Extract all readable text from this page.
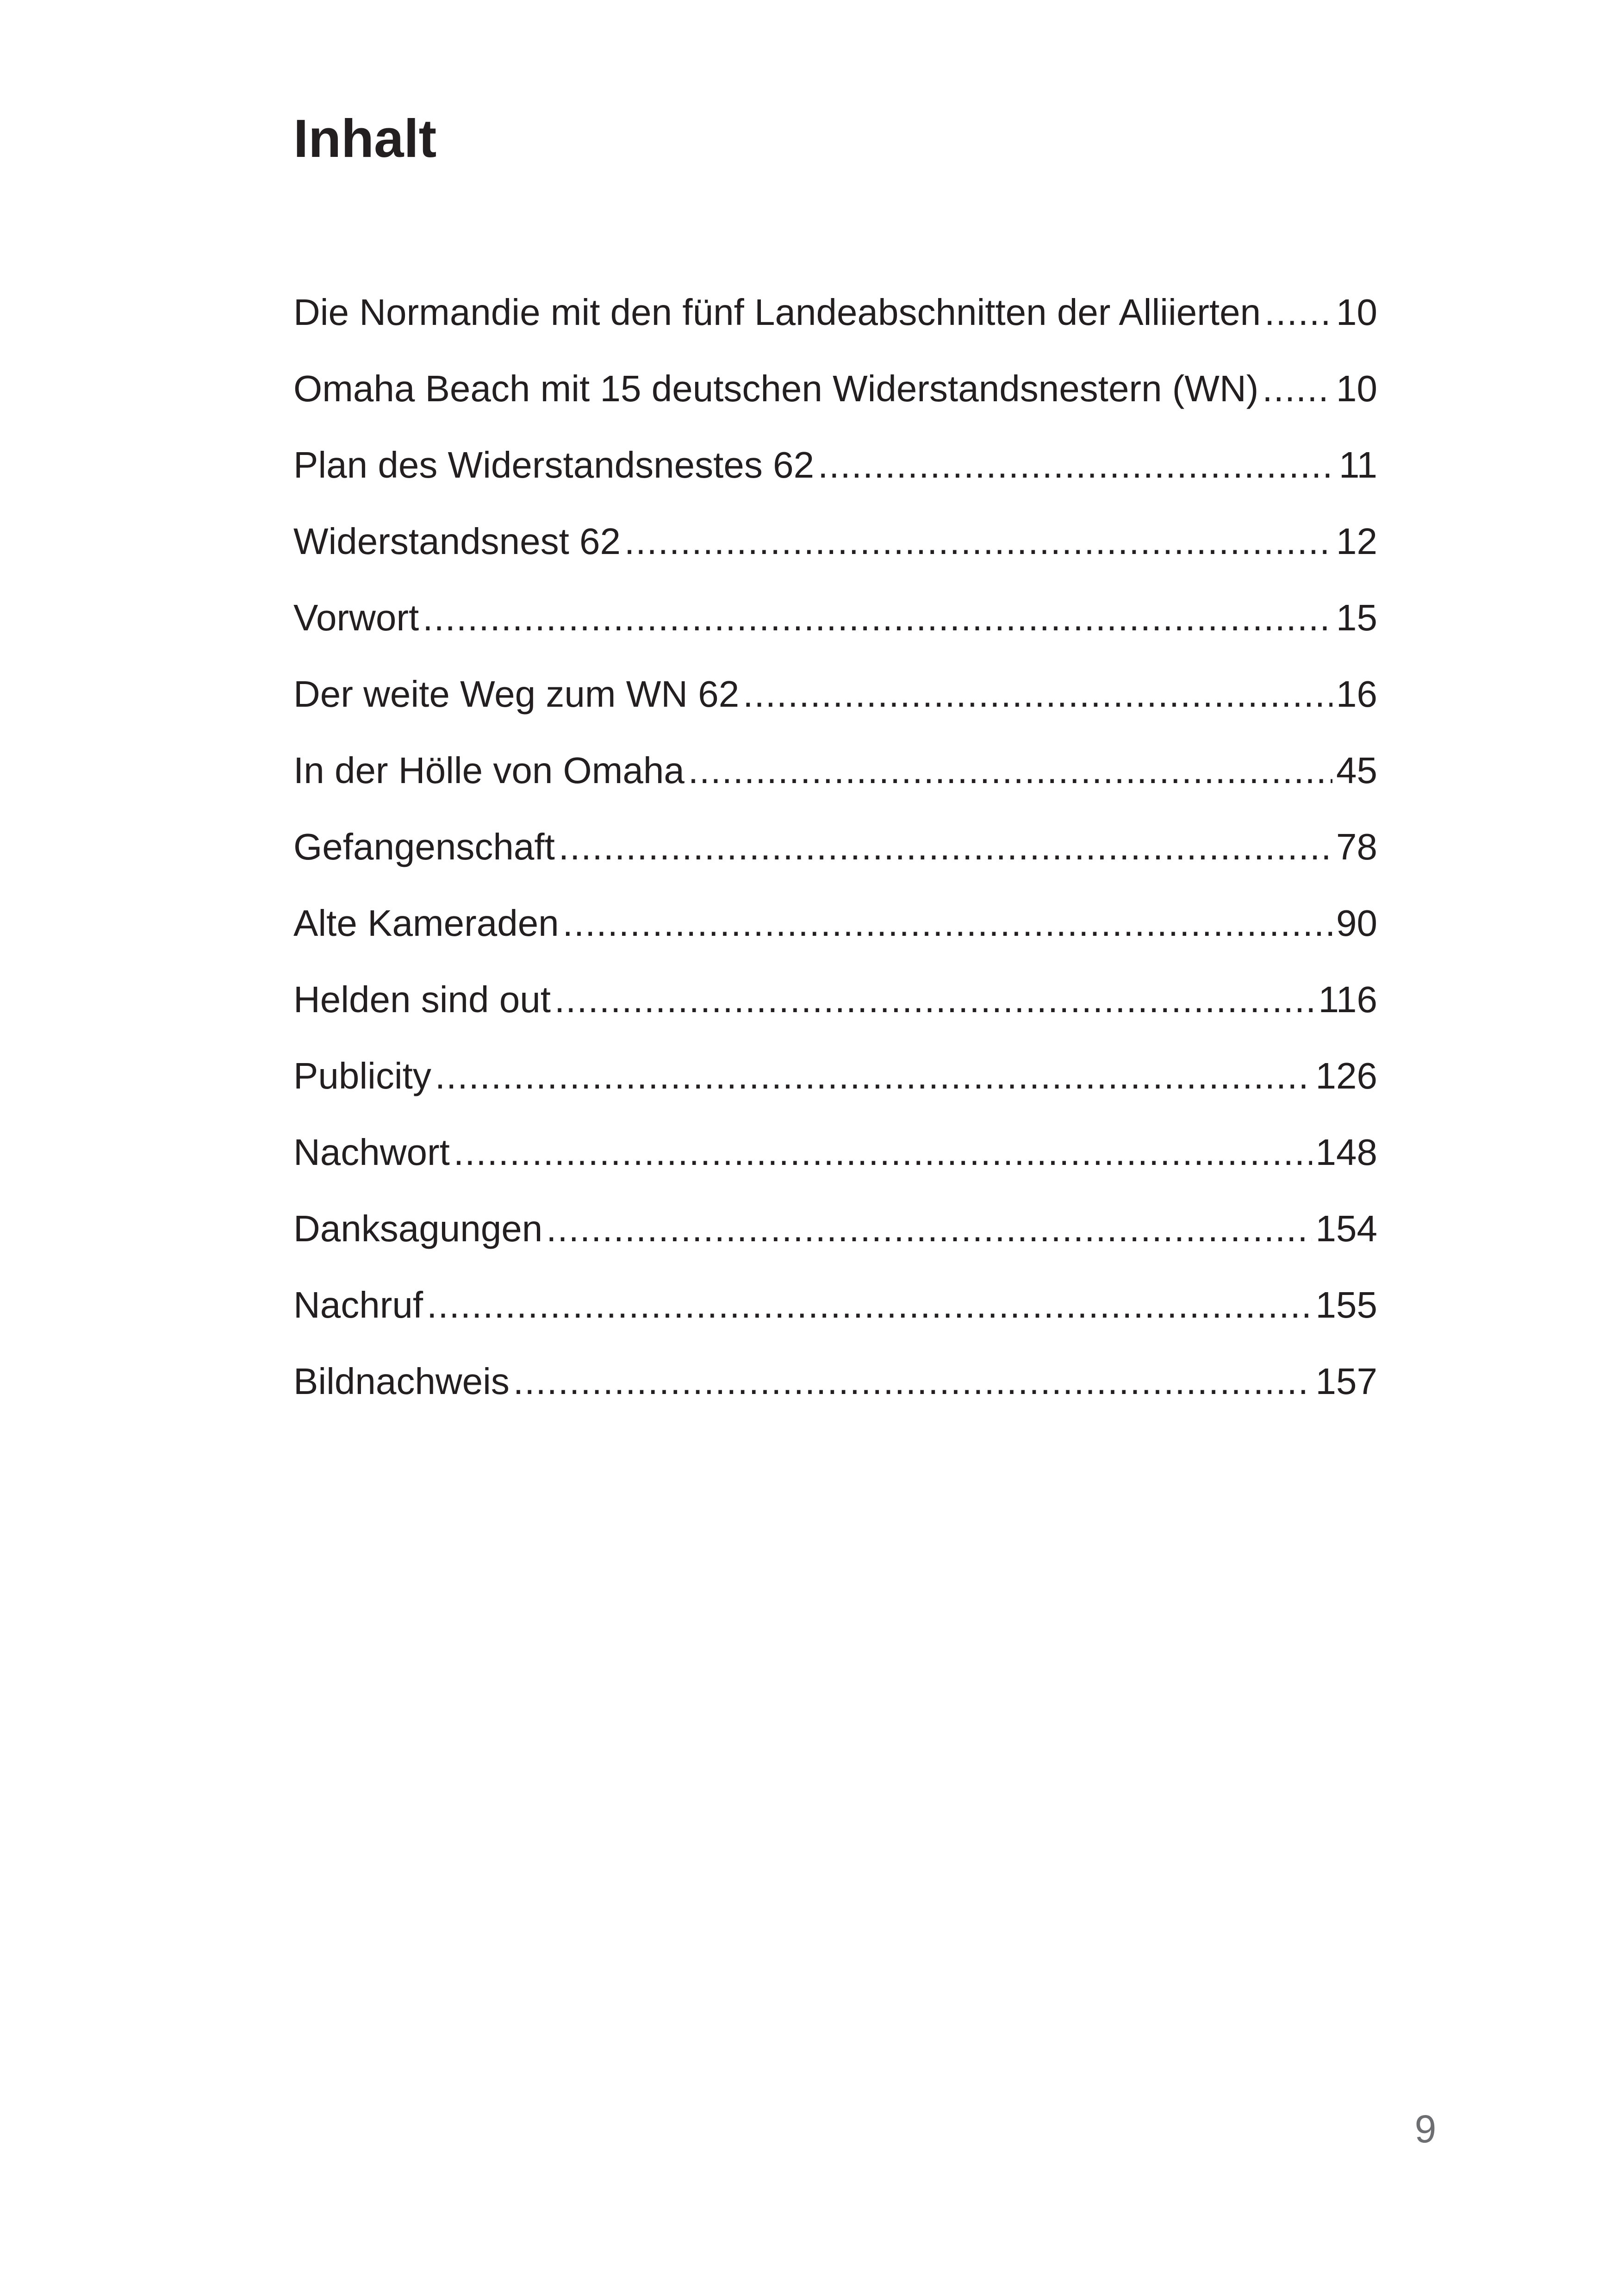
Inhalt
Die Normandie mit den fünf Landeabschnitten der Alliierten ..... 10
Omaha Beach mit 15 deutschen Widerstandsnestern (WN) ..... 10
Plan des Widerstandsnestes 62 .....	11
Widerstandsnest 62 .....	12
Vorwort .....	15
Der weite Weg zum WN 62 .....	16
In der Hölle von Omaha .....	45
Gefangenschaft .....	78
Alte Kameraden .....	90
Helden sind out .....	116
Publicity .....	126
Nachwort .....	148
Danksagungen .....	154
Nachruf .....	155
Bildnachweis .....	157
9
